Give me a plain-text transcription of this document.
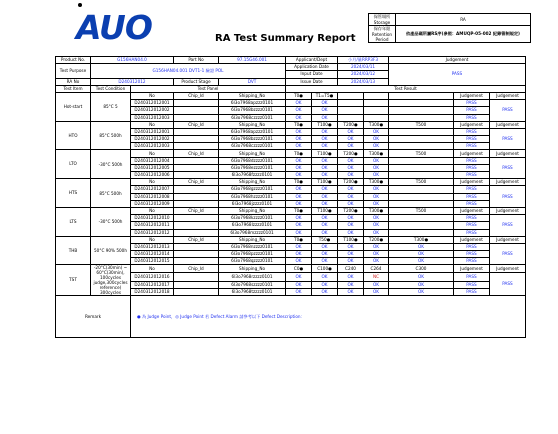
AUO	RA Test Summary Report
保管場所 Storage	RA
保存年限 Retention Period	依產品碼所屬RS序(參照：AMUQP-05-002 紀錄管制規定)
Product No.	G156HAN04.0		Part No	97.15G46.001	Applicant/Dept		小月/量RRP3F3		Judgement		
Test Purpose	G156HAN04.001 DVT1-1 驗證 POL				Application Date		2024/03/11		PASS		
					Input Date		2024/03/12				
RA No	D240312012		Product Stage	DVT	Issue Date		2024/03/13				
Test Item	Test Condition	Test Panel			Test Result						
Hot-start	85°C 5	No	Chip_Id	Shipping_No	T0●	T1=T5●				Judgement	Judgement
		D240312012001		6I3o7968apzzz0101	OK	OK				PASS	PASS
		D240312012002		6I3o7968bzzzz0101	OK	OK				PASS	
		D240312012003		6I3o7968czzzz0101	OK	OK				PASS	
HTO	85°C 500h	No	Chip_Id	Shipping_No	T0●	T100●	T200●	T300●	T500	Judgement	Judgement
		D240312012001		6I3o7968apzzz0101	OK	OK	OK	OK		PASS	PASS
		D240312012002		6I3o7968bzzzz0101	OK	OK	OK	OK		PASS	
		D240312012003		6I3o7968czzzz0101	OK	OK	OK	OK		PASS	
LTO	-30°C 500h	No	Chip_Id	Shipping_No	T0●	T100●	T200●	T300●	T500	Judgement	Judgement
		D240312012004		6I3o7968dzzzz0101	OK	OK	OK	OK		PASS	PASS
		D240312012005		6I3o7968ezzzz0101	OK	OK	OK	OK		PASS	
		D240312012006		6I3o7968fzzzz0101	OK	OK	OK	OK		PASS	
HTS	85°C 500h	No	Chip_Id	Shipping_No	T0●	T100●	T200●	T300●	T500	Judgement	Judgement
		D240312012007		6I3o7968gzzzz0101	OK	OK	OK	OK		PASS	PASS
		D240312012008		6I3o7968hzzzz0101	OK	OK	OK	OK		PASS	
		D240312012009		6I3o7968jzzzz0101	OK	OK	OK	OK		PASS	
LTS	-30°C 500h	No	Chip_Id	Shipping_No	T0●	T100●	T200●	T300●	T500	Judgement	Judgement
		D240312012010		6I3o7968kzzzz0101	OK	OK	OK	OK		PASS	PASS
		D240312012011		6I3o7968lzzzz0101	OK	OK	OK	OK		PASS	
		D240312012012		6I3o7968mzzzz0101	OK	OK	OK	OK		PASS	
THB	50°C 90% 500h	No	Chip_Id	Shipping_No	T0●	T50●	T100●	T200●	T300●	Judgement	Judgement
		D240312012013		6I3o7968nzzzz0101	OK	OK	OK	OK	OK	PASS	PASS
		D240312012014		6I3o7968pzzzz0101	OK	OK	OK	OK	OK	PASS	
		D240312012015		6I3o7968qzzzz0101	OK	OK	OK	OK	OK	PASS	
TST	-20°C(30min) ~ 60°C(30min), 100cycles judge,300cycles reference) 300cycles	No	Chip_Id	Shipping_No	C0●	C100●	C240	C264	C300	Judgement	Judgement
		D240312012016		6I3o7968rzzzz0101	OK	OK	OK	NC	OK	PASS	PASS
		D240312012017		6I3o7968szzzz0101	OK	OK	OK	OK	OK	PASS	
		D240312012018		6I3o7968tzzzz0101	OK	OK	OK	OK	OK	PASS	
Remark		● 為 Judge Point，◎ Judge Point 若 Defect Alarm 請參考以下 Defect Description：									
